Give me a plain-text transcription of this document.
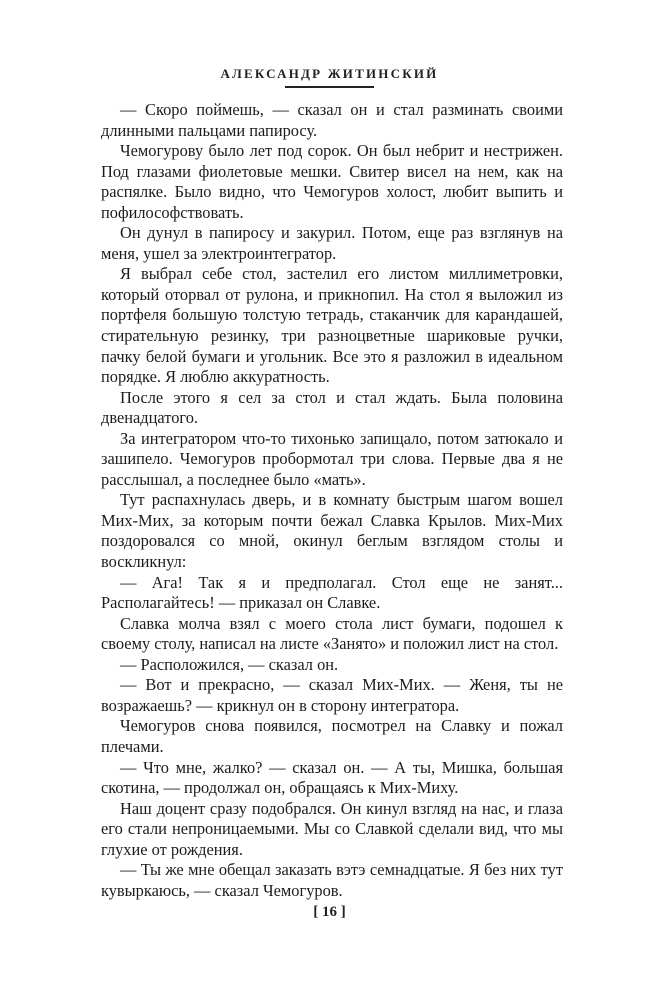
АЛЕКСАНДР ЖИТИНСКИЙ

— Скоро поймешь, — сказал он и стал разминать своими длинными пальцами папиросу.

Чемогурову было лет под сорок. Он был небрит и нестрижен. Под глазами фиолетовые мешки. Свитер висел на нем, как на распялке. Было видно, что Чемогуров холост, любит выпить и пофилософствовать.

Он дунул в папиросу и закурил. Потом, еще раз взглянув на меня, ушел за электроинтегратор.

Я выбрал себе стол, застелил его листом миллиметровки, который оторвал от рулона, и прикнопил. На стол я выложил из портфеля большую толстую тетрадь, стаканчик для карандашей, стирательную резинку, три разноцветные шариковые ручки, пачку белой бумаги и угольник. Все это я разложил в идеальном порядке. Я люблю аккуратность.

После этого я сел за стол и стал ждать. Была половина двенадцатого.

За интегратором что-то тихонько запищало, потом затюкало и зашипело. Чемогуров пробормотал три слова. Первые два я не расслышал, а последнее было «мать».

Тут распахнулась дверь, и в комнату быстрым шагом вошел Мих-Мих, за которым почти бежал Славка Крылов. Мих-Мих поздоровался со мной, окинул беглым взглядом столы и воскликнул:

— Ага! Так я и предполагал. Стол еще не занят... Располагайтесь! — приказал он Славке.

Славка молча взял с моего стола лист бумаги, подошел к своему столу, написал на листе «Занято» и положил лист на стол.

— Расположился, — сказал он.

— Вот и прекрасно, — сказал Мих-Мих. — Женя, ты не возражаешь? — крикнул он в сторону интегратора.

Чемогуров снова появился, посмотрел на Славку и пожал плечами.

— Что мне, жалко? — сказал он. — А ты, Мишка, большая скотина, — продолжал он, обращаясь к Мих-Миху.

Наш доцент сразу подобрался. Он кинул взгляд на нас, и глаза его стали непроницаемыми. Мы со Славкой сделали вид, что мы глухие от рождения.

— Ты же мне обещал заказать вэтэ семнадцатые. Я без них тут кувыркаюсь, — сказал Чемогуров.

[ 16 ]
